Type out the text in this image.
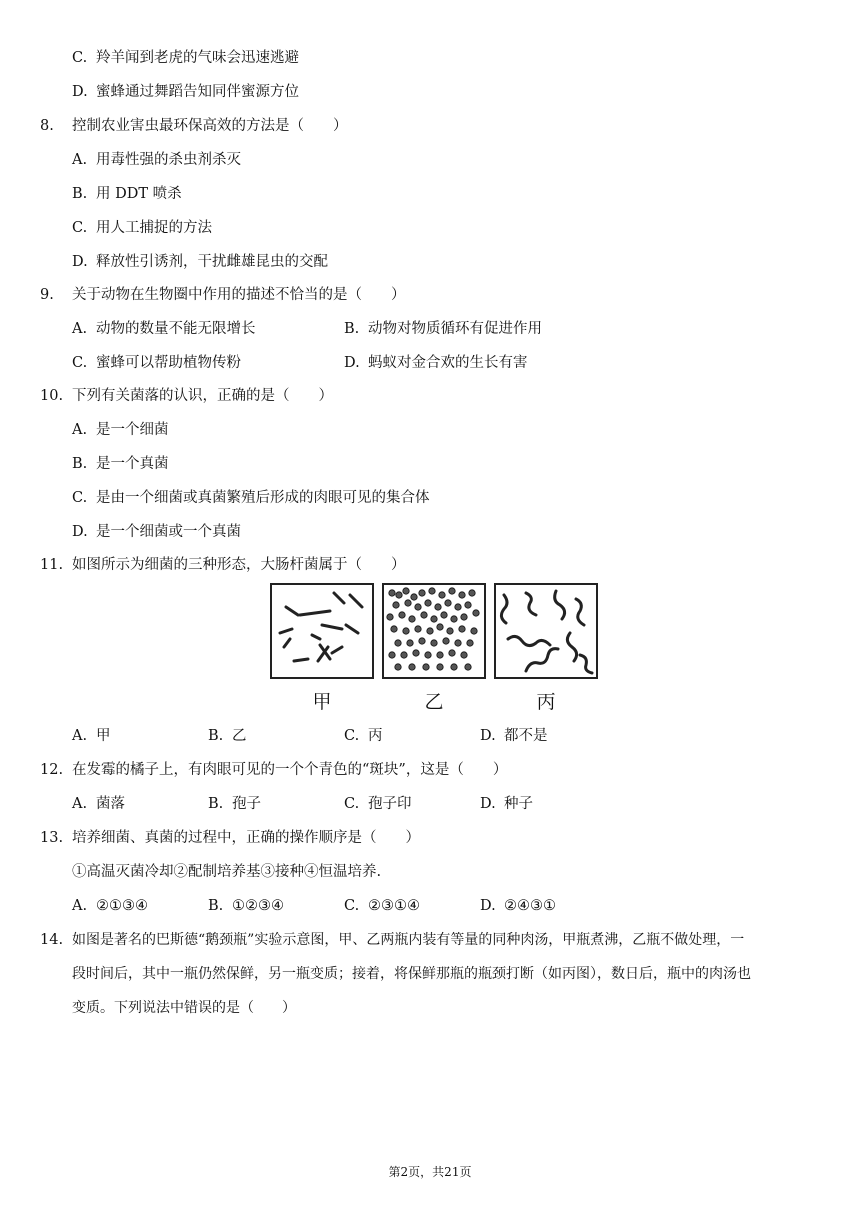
C. 羚羊闻到老虎的气味会迅速逃避
D. 蜜蜂通过舞蹈告知同伴蜜源方位
8. 控制农业害虫最环保高效的方法是（　　）
A. 用毒性强的杀虫剂杀灭
B. 用 DDT 喷杀
C. 用人工捕捉的方法
D. 释放性引诱剂，干扰雌雄昆虫的交配
9. 关于动物在生物圈中作用的描述不恰当的是（　　）
A. 动物的数量不能无限增长	B. 动物对物质循环有促进作用
C. 蜜蜂可以帮助植物传粉	D. 蚂蚁对金合欢的生长有害
10. 下列有关菌落的认识，正确的是（　　）
A. 是一个细菌
B. 是一个真菌
C. 是由一个细菌或真菌繁殖后形成的肉眼可见的集合体
D. 是一个细菌或一个真菌
11. 如图所示为细菌的三种形态，大肠杆菌属于（　　）
甲	乙	丙
A. 甲	B. 乙	C. 丙	D. 都不是
12. 在发霉的橘子上，有肉眼可见的一个个青色的“斑块”，这是（　　）
A. 菌落	B. 孢子	C. 孢子印	D. 种子
13. 培养细菌、真菌的过程中，正确的操作顺序是（　　）
①高温灭菌冷却②配制培养基③接种④恒温培养.
A. ②①③④	B. ①②③④	C. ②③①④	D. ②④③①
14. 如图是著名的巴斯德“鹅颈瓶”实验示意图，甲、乙两瓶内装有等量的同种肉汤，甲瓶煮沸，乙瓶不做处理，一
段时间后，其中一瓶仍然保鲜，另一瓶变质；接着，将保鲜那瓶的瓶颈打断（如丙图），数日后，瓶中的肉汤也
变质。下列说法中错误的是（　　）
第2页，共21页
